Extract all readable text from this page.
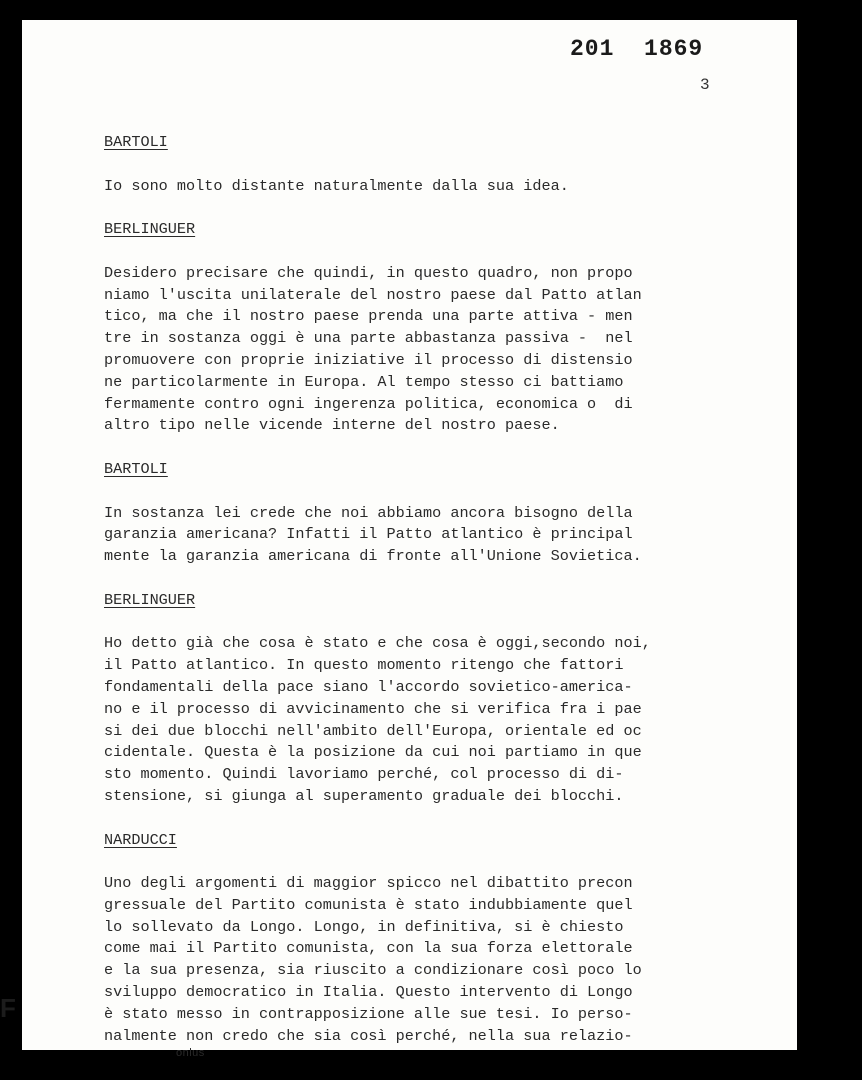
201  1869
3
BARTOLI
Io sono molto distante naturalmente dalla sua idea.
BERLINGUER
Desidero precisare che quindi, in questo quadro, non propo
niamo l'uscita unilaterale del nostro paese dal Patto atlan
tico, ma che il nostro paese prenda una parte attiva - men
tre in sostanza oggi è una parte abbastanza passiva -  nel
promuovere con proprie iniziative il processo di distensio
ne particolarmente in Europa. Al tempo stesso ci battiamo
fermamente contro ogni ingerenza politica, economica o  di
altro tipo nelle vicende interne del nostro paese.
BARTOLI
In sostanza lei crede che noi abbiamo ancora bisogno della
garanzia americana? Infatti il Patto atlantico è principal
mente la garanzia americana di fronte all'Unione Sovietica.
BERLINGUER
Ho detto già che cosa è stato e che cosa è oggi,secondo noi,
il Patto atlantico. In questo momento ritengo che fattori
fondamentali della pace siano l'accordo sovietico-america-
no e il processo di avvicinamento che si verifica fra i pae
si dei due blocchi nell'ambito dell'Europa, orientale ed oc
cidentale. Questa è la posizione da cui noi partiamo in que
sto momento. Quindi lavoriamo perché, col processo di di-
stensione, si giunga al superamento graduale dei blocchi.
NARDUCCI
Uno degli argomenti di maggior spicco nel dibattito precon
gressuale del Partito comunista è stato indubbiamente quel
lo sollevato da Longo. Longo, in definitiva, si è chiesto
come mai il Partito comunista, con la sua forza elettorale
e la sua presenza, sia riuscito a condizionare così poco lo
sviluppo democratico in Italia. Questo intervento di Longo
è stato messo in contrapposizione alle sue tesi. Io perso-
nalmente non credo che sia così perché, nella sua relazio-
F
onlus
